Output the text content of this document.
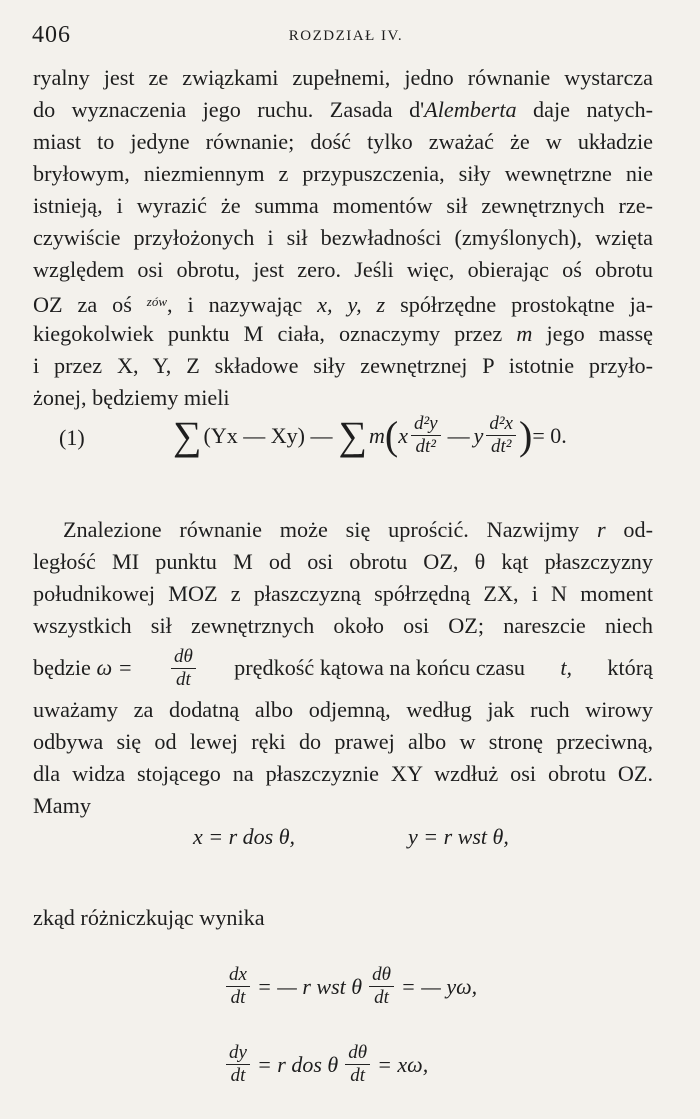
406	ROZDZIAŁ IV.
ryalny jest ze związkami zupełnemi, jedno równanie wystarcza
do wyznaczenia jego ruchu. Zasada d'Alemberta daje natych-
miast to jedyne równanie; dość tylko zważać że w układzie
bryłowym, niezmiennym z przypuszczenia, siły wewnętrzne nie
istnieją, i wyrazić że summa momentów sił zewnętrznych rze-
czywiście przyłożonych i sił bezwładności (zmyślonych), wzięta
względem osi obrotu, jest zero. Jeśli więc, obierając oś obrotu
OZ za oś $^{zów}$, i nazywając x, y, z spółrzędne prostokątne ja-
kiegokolwiek punktu M ciała, oznaczymy przez m jego massę
i przez X, Y, Z składowe siły zewnętrznej P istotnie przyło-
żonej, będziemy mieli
(1) ∑ (Yx — Xy) — ∑ m ( x $\frac{\text{d²y}}{\text{dt²}}$ — y $\frac{\text{d²x}}{\text{dt²}}$ ) = 0.
Znalezione równanie może się uprościć. Nazwijmy r od-
ległość MI punktu M od osi obrotu OZ, θ kąt płaszczyzny
południkowej MOZ z płaszczyzną spółrzędną ZX, i N moment
wszystkich sił zewnętrznych około osi OZ; nareszcie niech
będzie $\omega = \frac{d\theta}{dt}$ prędkość kątowa na końcu czasu t, którą
uważamy za dodatną albo odjemną, według jak ruch wirowy
odbywa się od lewej ręki do prawej albo w stronę przeciwną,
dla widza stojącego na płaszczyznie XY wzdłuż osi obrotu OZ.
Mamy
x = r dos θ,	y = r wst θ,
zkąd różniczkując wynika
$\frac{dx}{dt}$ = — r wst θ $\frac{d\theta}{dt}$ = — yω,
$\frac{dy}{dt} = r$ dos θ $\frac{d\theta}{dt} = x\omega$,
